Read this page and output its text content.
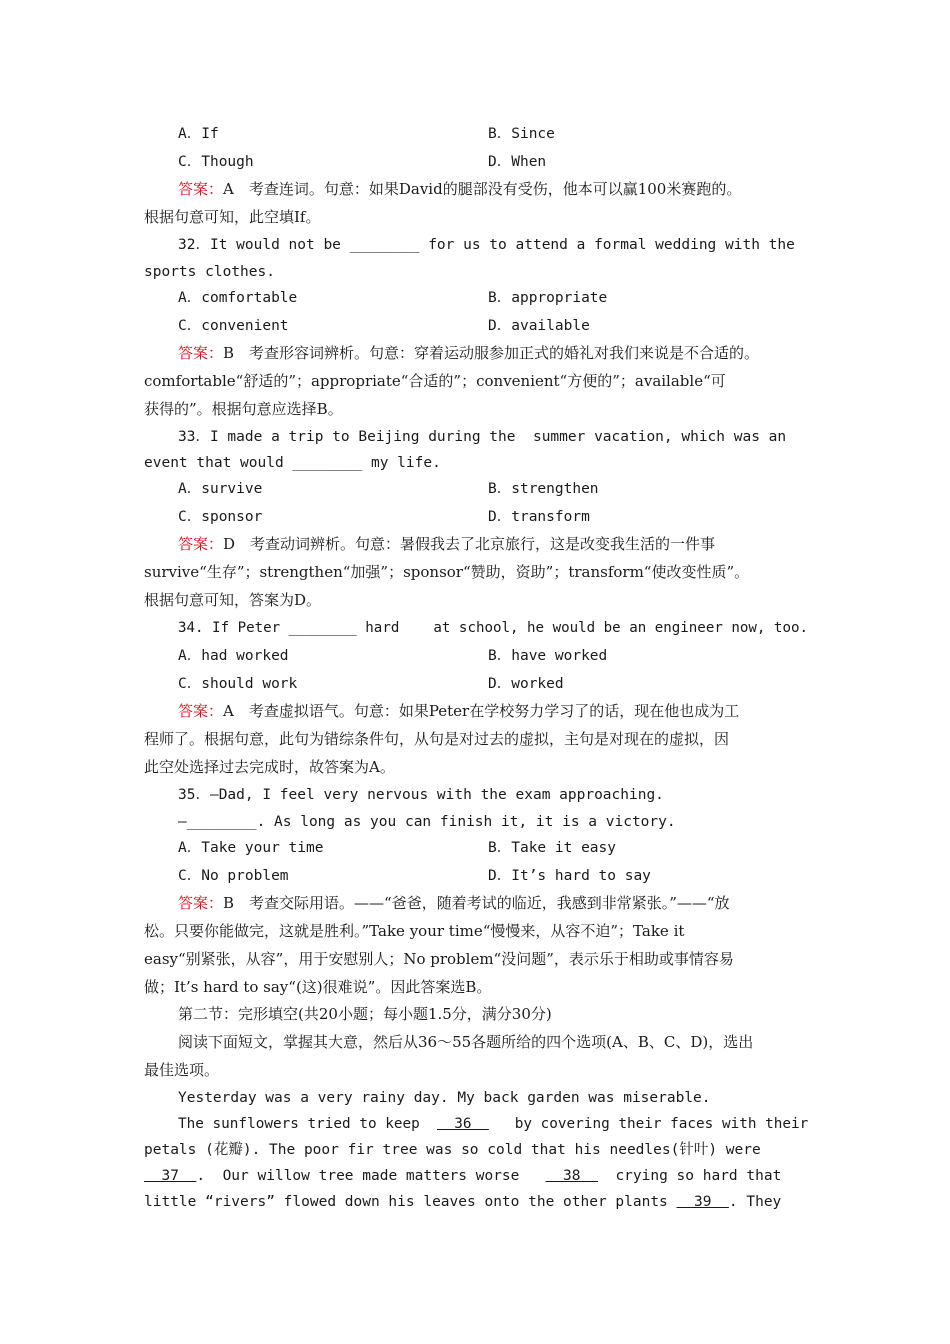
A．If	B．Since
C．Though	D．When
答案：A　考查连词。句意：如果David的腿部没有受伤，他本可以赢100米赛跑的。
根据句意可知，此空填If。
32．It would not be ________ for us to attend a formal wedding with the
sports clothes.
A．comfortable	B．appropriate
C．convenient	D．available
答案：B　考查形容词辨析。句意：穿着运动服参加正式的婚礼对我们来说是不合适的。
comfortable“舒适的”；appropriate“合适的”；convenient“方便的”；available“可
获得的”。根据句意应选择B。
33．I made a trip to Beijing during the  summer vacation, which was an
event that would ________ my life.
A．survive	B．strengthen
C．sponsor	D．transform
答案：D　考查动词辨析。句意：暑假我去了北京旅行，这是改变我生活的一件事
survive“生存”；strengthen“加强”；sponsor“赞助，资助”；transform“使改变性质”。
根据句意可知，答案为D。
34. If Peter ________ hard    at school, he would be an engineer now, too.
A．had worked	B．have worked
C．should work	D．worked
答案：A　考查虚拟语气。句意：如果Peter在学校努力学习了的话，现在他也成为工
程师了。根据句意，此句为错综条件句，从句是对过去的虚拟，主句是对现在的虚拟，因
此空处选择过去完成时，故答案为A。
35．—Dad, I feel very nervous with the exam approaching.
—________. As long as you can finish it, it is a victory.
A．Take your time	B．Take it easy
C．No problem	D．It’s hard to say
答案：B　考查交际用语。——“爸爸，随着考试的临近，我感到非常紧张。”——“放
松。只要你能做完，这就是胜利。”Take your time“慢慢来，从容不迫”；Take it
easy“别紧张，从容”，用于安慰别人；No problem“没问题”，表示乐于相助或事情容易
做；It’s hard to say“(这)很难说”。因此答案选B。
第二节：完形填空(共20小题；每小题1.5分，满分30分)
阅读下面短文，掌握其大意，然后从36～55各题所给的四个选项(A、B、C、D)，选出
最佳选项。
Yesterday was a very rainy day. My back garden was miserable.
The sunflowers tried to keep    36     by covering their faces with their
petals (花瓣). The poor fir tree was so cold that his needles(针叶) were
37  .  Our willow tree made matters worse     38    crying so hard that
little “rivers” flowed down his leaves onto the other plants   39  . They
